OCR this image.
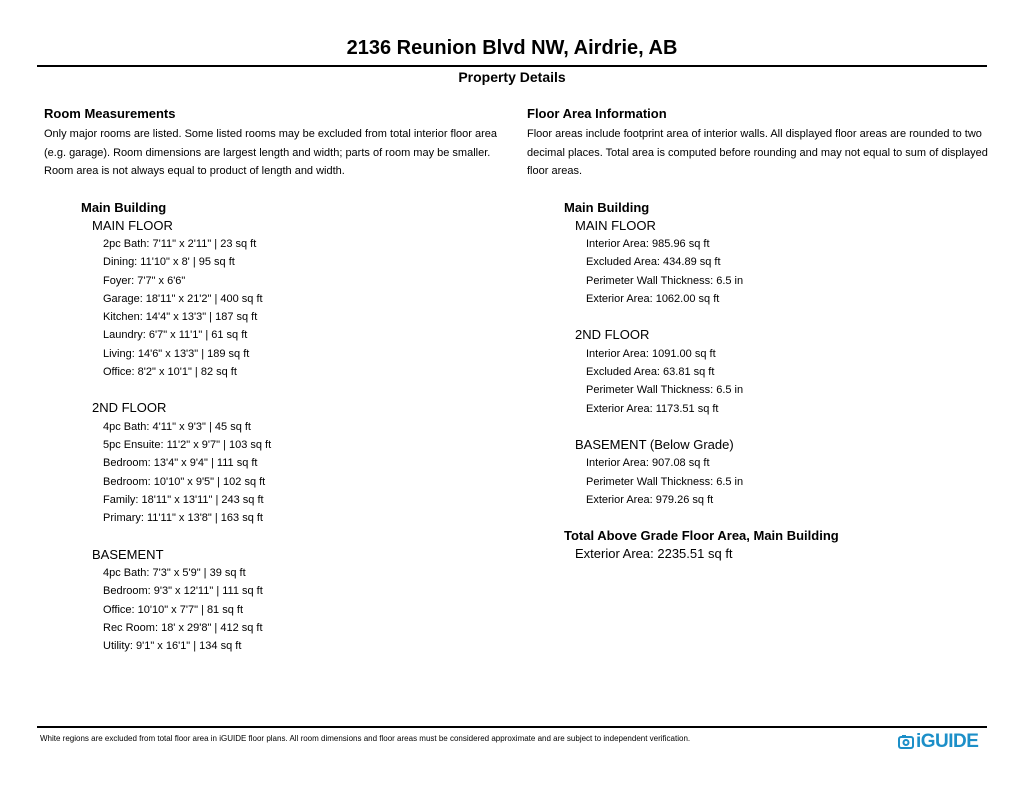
2136 Reunion Blvd NW, Airdrie, AB
Property Details
Room Measurements
Only major rooms are listed. Some listed rooms may be excluded from total interior floor area
(e.g. garage). Room dimensions are largest length and width; parts of room may be smaller.
Room area is not always equal to product of length and width.
Main Building
MAIN FLOOR
2pc Bath: 7'11" x 2'11" | 23 sq ft
Dining: 11'10" x 8' | 95 sq ft
Foyer: 7'7" x 6'6"
Garage: 18'11" x 21'2" | 400 sq ft
Kitchen: 14'4" x 13'3" | 187 sq ft
Laundry: 6'7" x 11'1" | 61 sq ft
Living: 14'6" x 13'3" | 189 sq ft
Office: 8'2" x 10'1" | 82 sq ft
2ND FLOOR
4pc Bath: 4'11" x 9'3" | 45 sq ft
5pc Ensuite: 11'2" x 9'7" | 103 sq ft
Bedroom: 13'4" x 9'4" | 111 sq ft
Bedroom: 10'10" x 9'5" | 102 sq ft
Family: 18'11" x 13'11" | 243 sq ft
Primary: 11'11" x 13'8" | 163 sq ft
BASEMENT
4pc Bath: 7'3" x 5'9" | 39 sq ft
Bedroom: 9'3" x 12'11" | 111 sq ft
Office: 10'10" x 7'7" | 81 sq ft
Rec Room: 18' x 29'8" | 412 sq ft
Utility: 9'1" x 16'1" | 134 sq ft
Floor Area Information
Floor areas include footprint area of interior walls. All displayed floor areas are rounded to two
decimal places. Total area is computed before rounding and may not equal to sum of displayed
floor areas.
Main Building
MAIN FLOOR
Interior Area: 985.96 sq ft
Excluded Area: 434.89 sq ft
Perimeter Wall Thickness: 6.5 in
Exterior Area: 1062.00 sq ft
2ND FLOOR
Interior Area: 1091.00 sq ft
Excluded Area: 63.81 sq ft
Perimeter Wall Thickness: 6.5 in
Exterior Area: 1173.51 sq ft
BASEMENT (Below Grade)
Interior Area: 907.08 sq ft
Perimeter Wall Thickness: 6.5 in
Exterior Area: 979.26 sq ft
Total Above Grade Floor Area, Main Building
Exterior Area: 2235.51 sq ft
White regions are excluded from total floor area in iGUIDE floor plans. All room dimensions and floor areas must be considered approximate and are subject to independent verification.	iGUIDE
